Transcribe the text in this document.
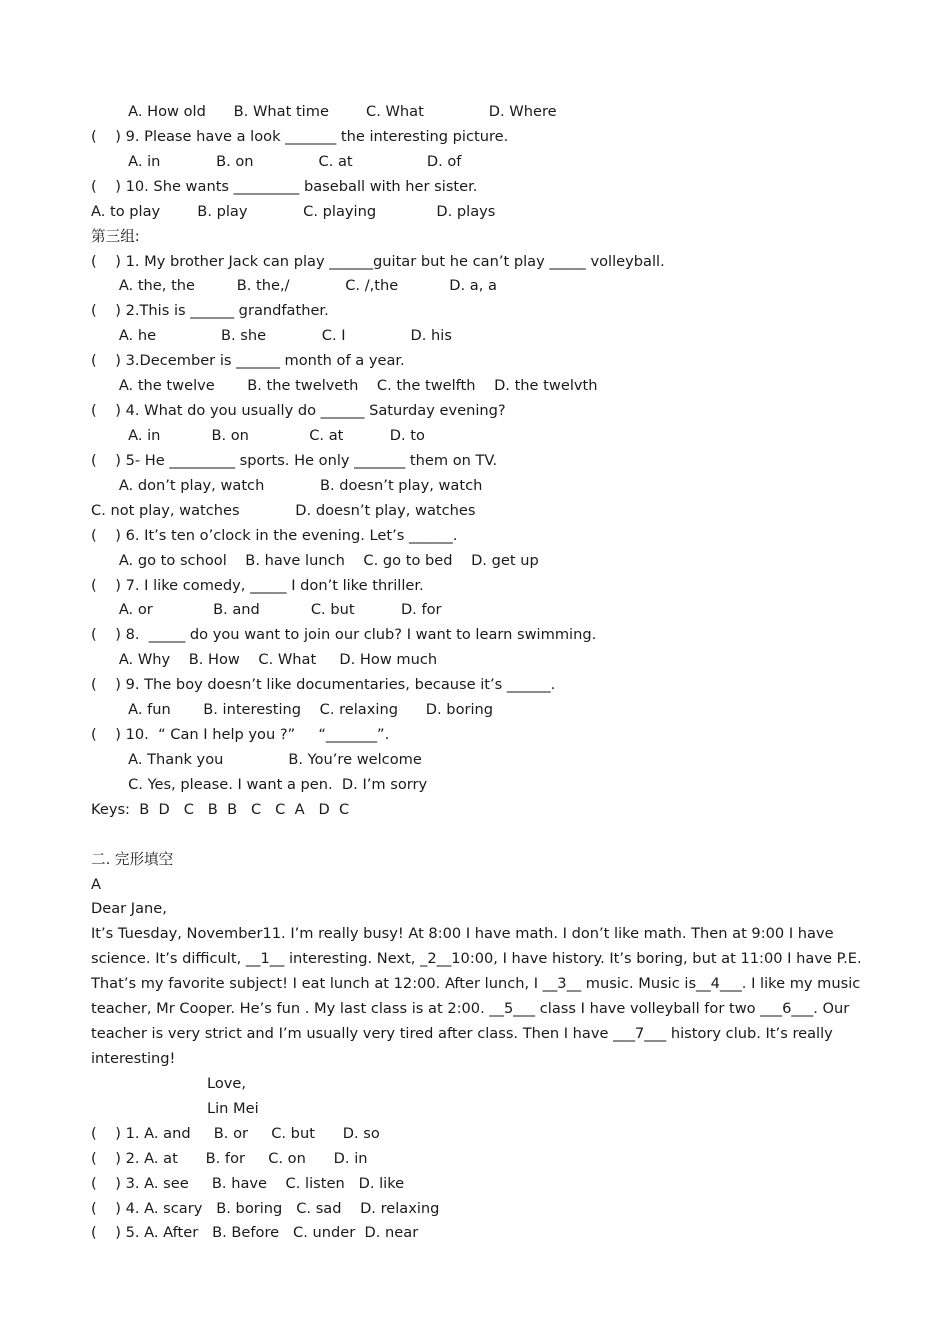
A. How old      B. What time        C. What              D. Where
(    ) 9. Please have a look _______ the interesting picture.
A. in            B. on              C. at                D. of
(    ) 10. She wants _________ baseball with her sister.
A. to play        B. play            C. playing             D. plays
第三组:
(    ) 1. My brother Jack can play ______guitar but he can’t play _____ volleyball.
A. the, the         B. the,/            C. /,the           D. a, a
(    ) 2.This is ______ grandfather.
A. he              B. she            C. I              D. his
(    ) 3.December is ______ month of a year.
A. the twelve       B. the twelveth    C. the twelfth    D. the twelvth
(    ) 4. What do you usually do ______ Saturday evening?
A. in           B. on             C. at          D. to
(    ) 5- He _________ sports. He only _______ them on TV.
A. don’t play, watch            B. doesn’t play, watch
C. not play, watches            D. doesn’t play, watches
(    ) 6. It’s ten o’clock in the evening. Let’s ______.
A. go to school    B. have lunch    C. go to bed    D. get up
(    ) 7. I like comedy, _____ I don’t like thriller.
A. or             B. and           C. but          D. for
(    ) 8.  _____ do you want to join our club? I want to learn swimming.
A. Why    B. How    C. What     D. How much
(    ) 9. The boy doesn’t like documentaries, because it’s ______.
A. fun       B. interesting    C. relaxing      D. boring
(    ) 10.  “ Can I help you ?”     “_______”.
A. Thank you              B. You’re welcome
C. Yes, please. I want a pen.  D. I’m sorry
Keys:  B  D   C   B  B   C   C  A   D  C
二. 完形填空
A
Dear Jane,
It’s Tuesday, November11. I’m really busy! At 8:00 I have math. I don’t like math. Then at 9:00 I have
science. It’s difficult, __1__ interesting. Next, _2__10:00, I have history. It’s boring, but at 11:00 I have P.E.
That’s my favorite subject! I eat lunch at 12:00. After lunch, I __3__ music. Music is__4___. I like my music
teacher, Mr Cooper. He’s fun . My last class is at 2:00. __5___ class I have volleyball for two ___6___. Our
teacher is very strict and I’m usually very tired after class. Then I have ___7___ history club. It’s really
interesting!
Love,
Lin Mei
(    ) 1. A. and     B. or     C. but      D. so
(    ) 2. A. at      B. for     C. on      D. in
(    ) 3. A. see     B. have    C. listen   D. like
(    ) 4. A. scary   B. boring   C. sad    D. relaxing
(    ) 5. A. After   B. Before   C. under  D. near
